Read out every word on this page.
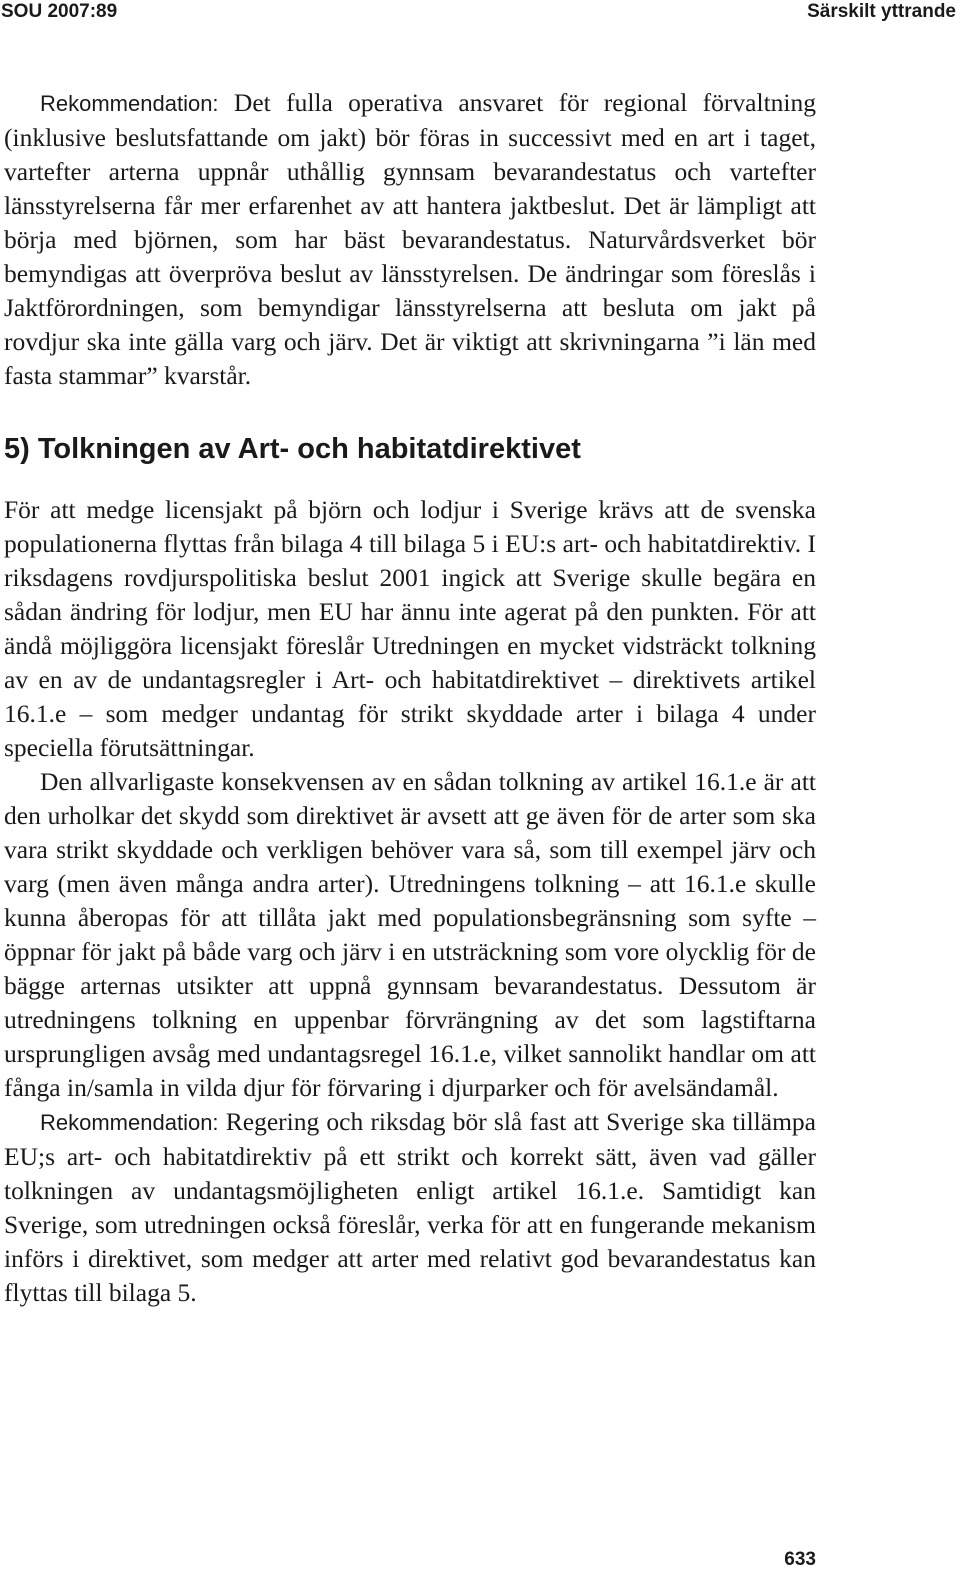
SOU 2007:89	Särskilt yttrande

Rekommendation: Det fulla operativa ansvaret för regional förvaltning (inklusive beslutsfattande om jakt) bör föras in successivt med en art i taget, vartefter arterna uppnår uthållig gynnsam bevarandestatus och vartefter länsstyrelserna får mer erfarenhet av att hantera jaktbeslut. Det är lämpligt att börja med björnen, som har bäst bevarandestatus. Naturvårdsverket bör bemyndigas att överpröva beslut av länsstyrelsen. De ändringar som föreslås i Jaktförordningen, som bemyndigar länsstyrelserna att besluta om jakt på rovdjur ska inte gälla varg och järv. Det är viktigt att skrivningarna ”i län med fasta stammar” kvarstår.

5) Tolkningen av Art- och habitatdirektivet

För att medge licensjakt på björn och lodjur i Sverige krävs att de svenska populationerna flyttas från bilaga 4 till bilaga 5 i EU:s art- och habitatdirektiv. I riksdagens rovdjurspolitiska beslut 2001 ingick att Sverige skulle begära en sådan ändring för lodjur, men EU har ännu inte agerat på den punkten. För att ändå möjliggöra licensjakt föreslår Utredningen en mycket vidsträckt tolkning av en av de undantagsregler i Art- och habitatdirektivet – direktivets artikel 16.1.e – som medger undantag för strikt skyddade arter i bilaga 4 under speciella förutsättningar.

Den allvarligaste konsekvensen av en sådan tolkning av artikel 16.1.e är att den urholkar det skydd som direktivet är avsett att ge även för de arter som ska vara strikt skyddade och verkligen behöver vara så, som till exempel järv och varg (men även många andra arter). Utredningens tolkning – att 16.1.e skulle kunna åberopas för att tillåta jakt med populationsbegränsning som syfte – öppnar för jakt på både varg och järv i en utsträckning som vore olycklig för de bägge arternas utsikter att uppnå gynnsam bevarandestatus. Dessutom är utredningens tolkning en uppenbar förvrängning av det som lagstiftarna ursprungligen avsåg med undantagsregel 16.1.e, vilket sannolikt handlar om att fånga in/samla in vilda djur för förvaring i djurparker och för avelsändamål.

Rekommendation: Regering och riksdag bör slå fast att Sverige ska tillämpa EU;s art- och habitatdirektiv på ett strikt och korrekt sätt, även vad gäller tolkningen av undantagsmöjligheten enligt artikel 16.1.e. Samtidigt kan Sverige, som utredningen också föreslår, verka för att en fungerande mekanism införs i direktivet, som medger att arter med relativt god bevarandestatus kan flyttas till bilaga 5.

633
